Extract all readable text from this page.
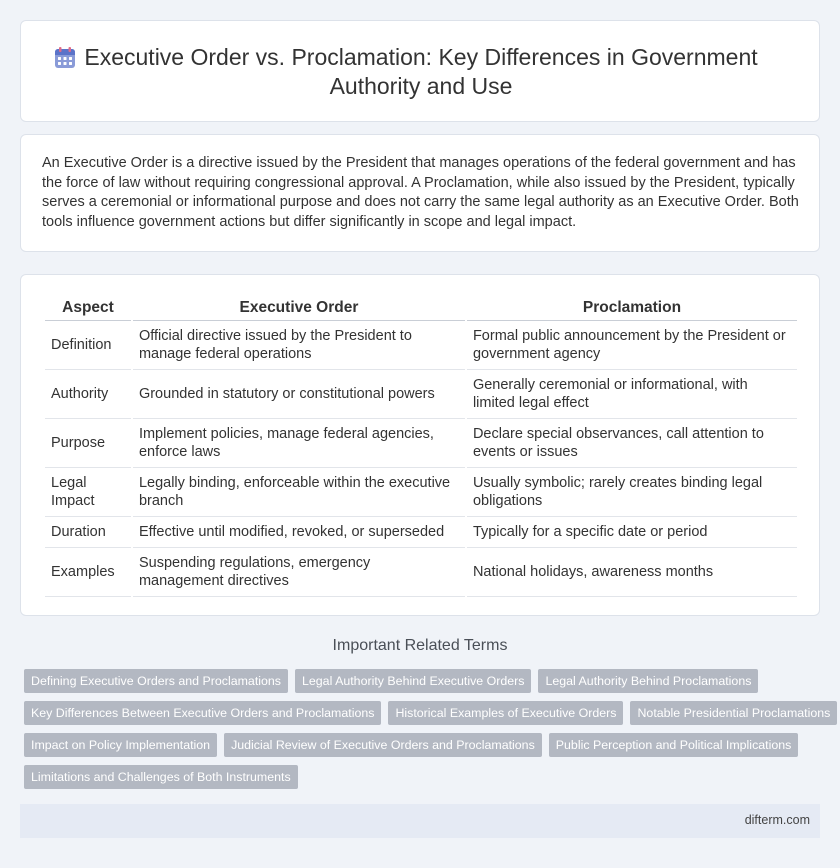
Executive Order vs. Proclamation: Key Differences in Government Authority and Use

An Executive Order is a directive issued by the President that manages operations of the federal government and has the force of law without requiring congressional approval. A Proclamation, while also issued by the President, typically serves a ceremonial or informational purpose and does not carry the same legal authority as an Executive Order. Both tools influence government actions but differ significantly in scope and legal impact.

Aspect	Executive Order	Proclamation
Definition	Official directive issued by the President to manage federal operations	Formal public announcement by the President or government agency
Authority	Grounded in statutory or constitutional powers	Generally ceremonial or informational, with limited legal effect
Purpose	Implement policies, manage federal agencies, enforce laws	Declare special observances, call attention to events or issues
Legal Impact	Legally binding, enforceable within the executive branch	Usually symbolic; rarely creates binding legal obligations
Duration	Effective until modified, revoked, or superseded	Typically for a specific date or period
Examples	Suspending regulations, emergency management directives	National holidays, awareness months
Important Related Terms
Defining Executive Orders and Proclamations	Legal Authority Behind Executive Orders	Legal Authority Behind Proclamations
Key Differences Between Executive Orders and Proclamations	Historical Examples of Executive Orders	Notable Presidential Proclamations
Impact on Policy Implementation	Judicial Review of Executive Orders and Proclamations	Public Perception and Political Implications
Limitations and Challenges of Both Instruments
difterm.com
